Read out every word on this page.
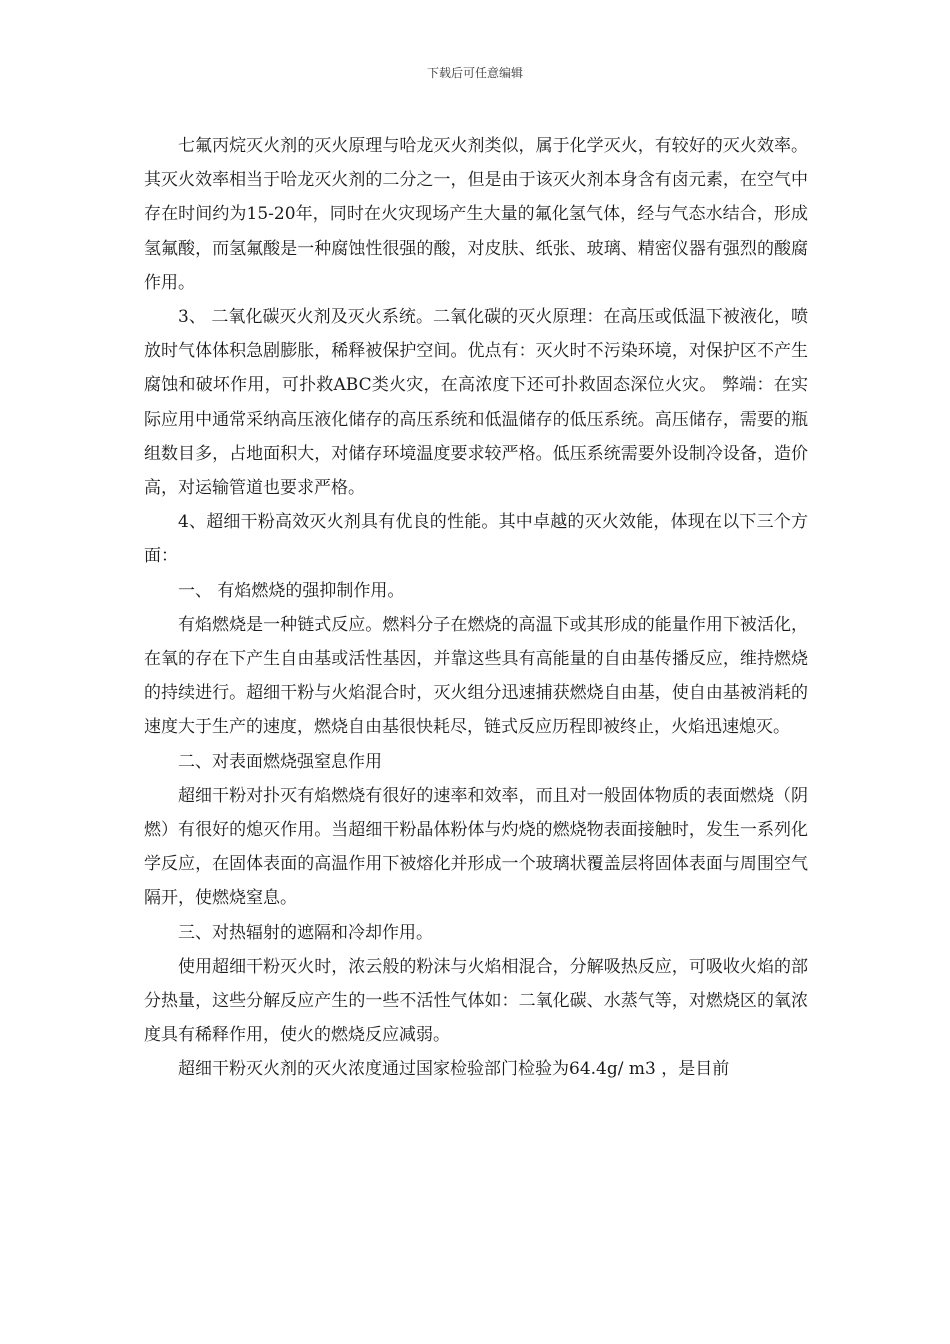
下载后可任意编辑

七氟丙烷灭火剂的灭火原理与哈龙灭火剂类似，属于化学灭火，有较好的灭火效率。其灭火效率相当于哈龙灭火剂的二分之一，但是由于该灭火剂本身含有卤元素，在空气中存在时间约为15-20年，同时在火灾现场产生大量的氟化氢气体，经与气态水结合，形成氢氟酸，而氢氟酸是一种腐蚀性很强的酸，对皮肤、纸张、玻璃、精密仪器有强烈的酸腐作用。

3、 二氧化碳灭火剂及灭火系统。二氧化碳的灭火原理：在高压或低温下被液化，喷放时气体体积急剧膨胀，稀释被保护空间。优点有：灭火时不污染环境，对保护区不产生腐蚀和破坏作用，可扑救ABC类火灾，在高浓度下还可扑救固态深位火灾。 弊端：在实际应用中通常采纳高压液化储存的高压系统和低温储存的低压系统。高压储存，需要的瓶组数目多，占地面积大，对储存环境温度要求较严格。低压系统需要外设制冷设备，造价高，对运输管道也要求严格。

4、超细干粉高效灭火剂具有优良的性能。其中卓越的灭火效能，体现在以下三个方面：

一、 有焰燃烧的强抑制作用。

有焰燃烧是一种链式反应。燃料分子在燃烧的高温下或其形成的能量作用下被活化，在氧的存在下产生自由基或活性基因，并靠这些具有高能量的自由基传播反应，维持燃烧的持续进行。超细干粉与火焰混合时，灭火组分迅速捕获燃烧自由基，使自由基被消耗的速度大于生产的速度，燃烧自由基很快耗尽，链式反应历程即被终止，火焰迅速熄灭。

二、对表面燃烧强窒息作用

超细干粉对扑灭有焰燃烧有很好的速率和效率，而且对一般固体物质的表面燃烧（阴燃）有很好的熄灭作用。当超细干粉晶体粉体与灼烧的燃烧物表面接触时，发生一系列化学反应，在固体表面的高温作用下被熔化并形成一个玻璃状覆盖层将固体表面与周围空气隔开，使燃烧窒息。

三、对热辐射的遮隔和冷却作用。

使用超细干粉灭火时，浓云般的粉沫与火焰相混合，分解吸热反应，可吸收火焰的部分热量，这些分解反应产生的一些不活性气体如：二氧化碳、水蒸气等，对燃烧区的氧浓度具有稀释作用，使火的燃烧反应减弱。

超细干粉灭火剂的灭火浓度通过国家检验部门检验为64.4g/ m3 ，是目前
